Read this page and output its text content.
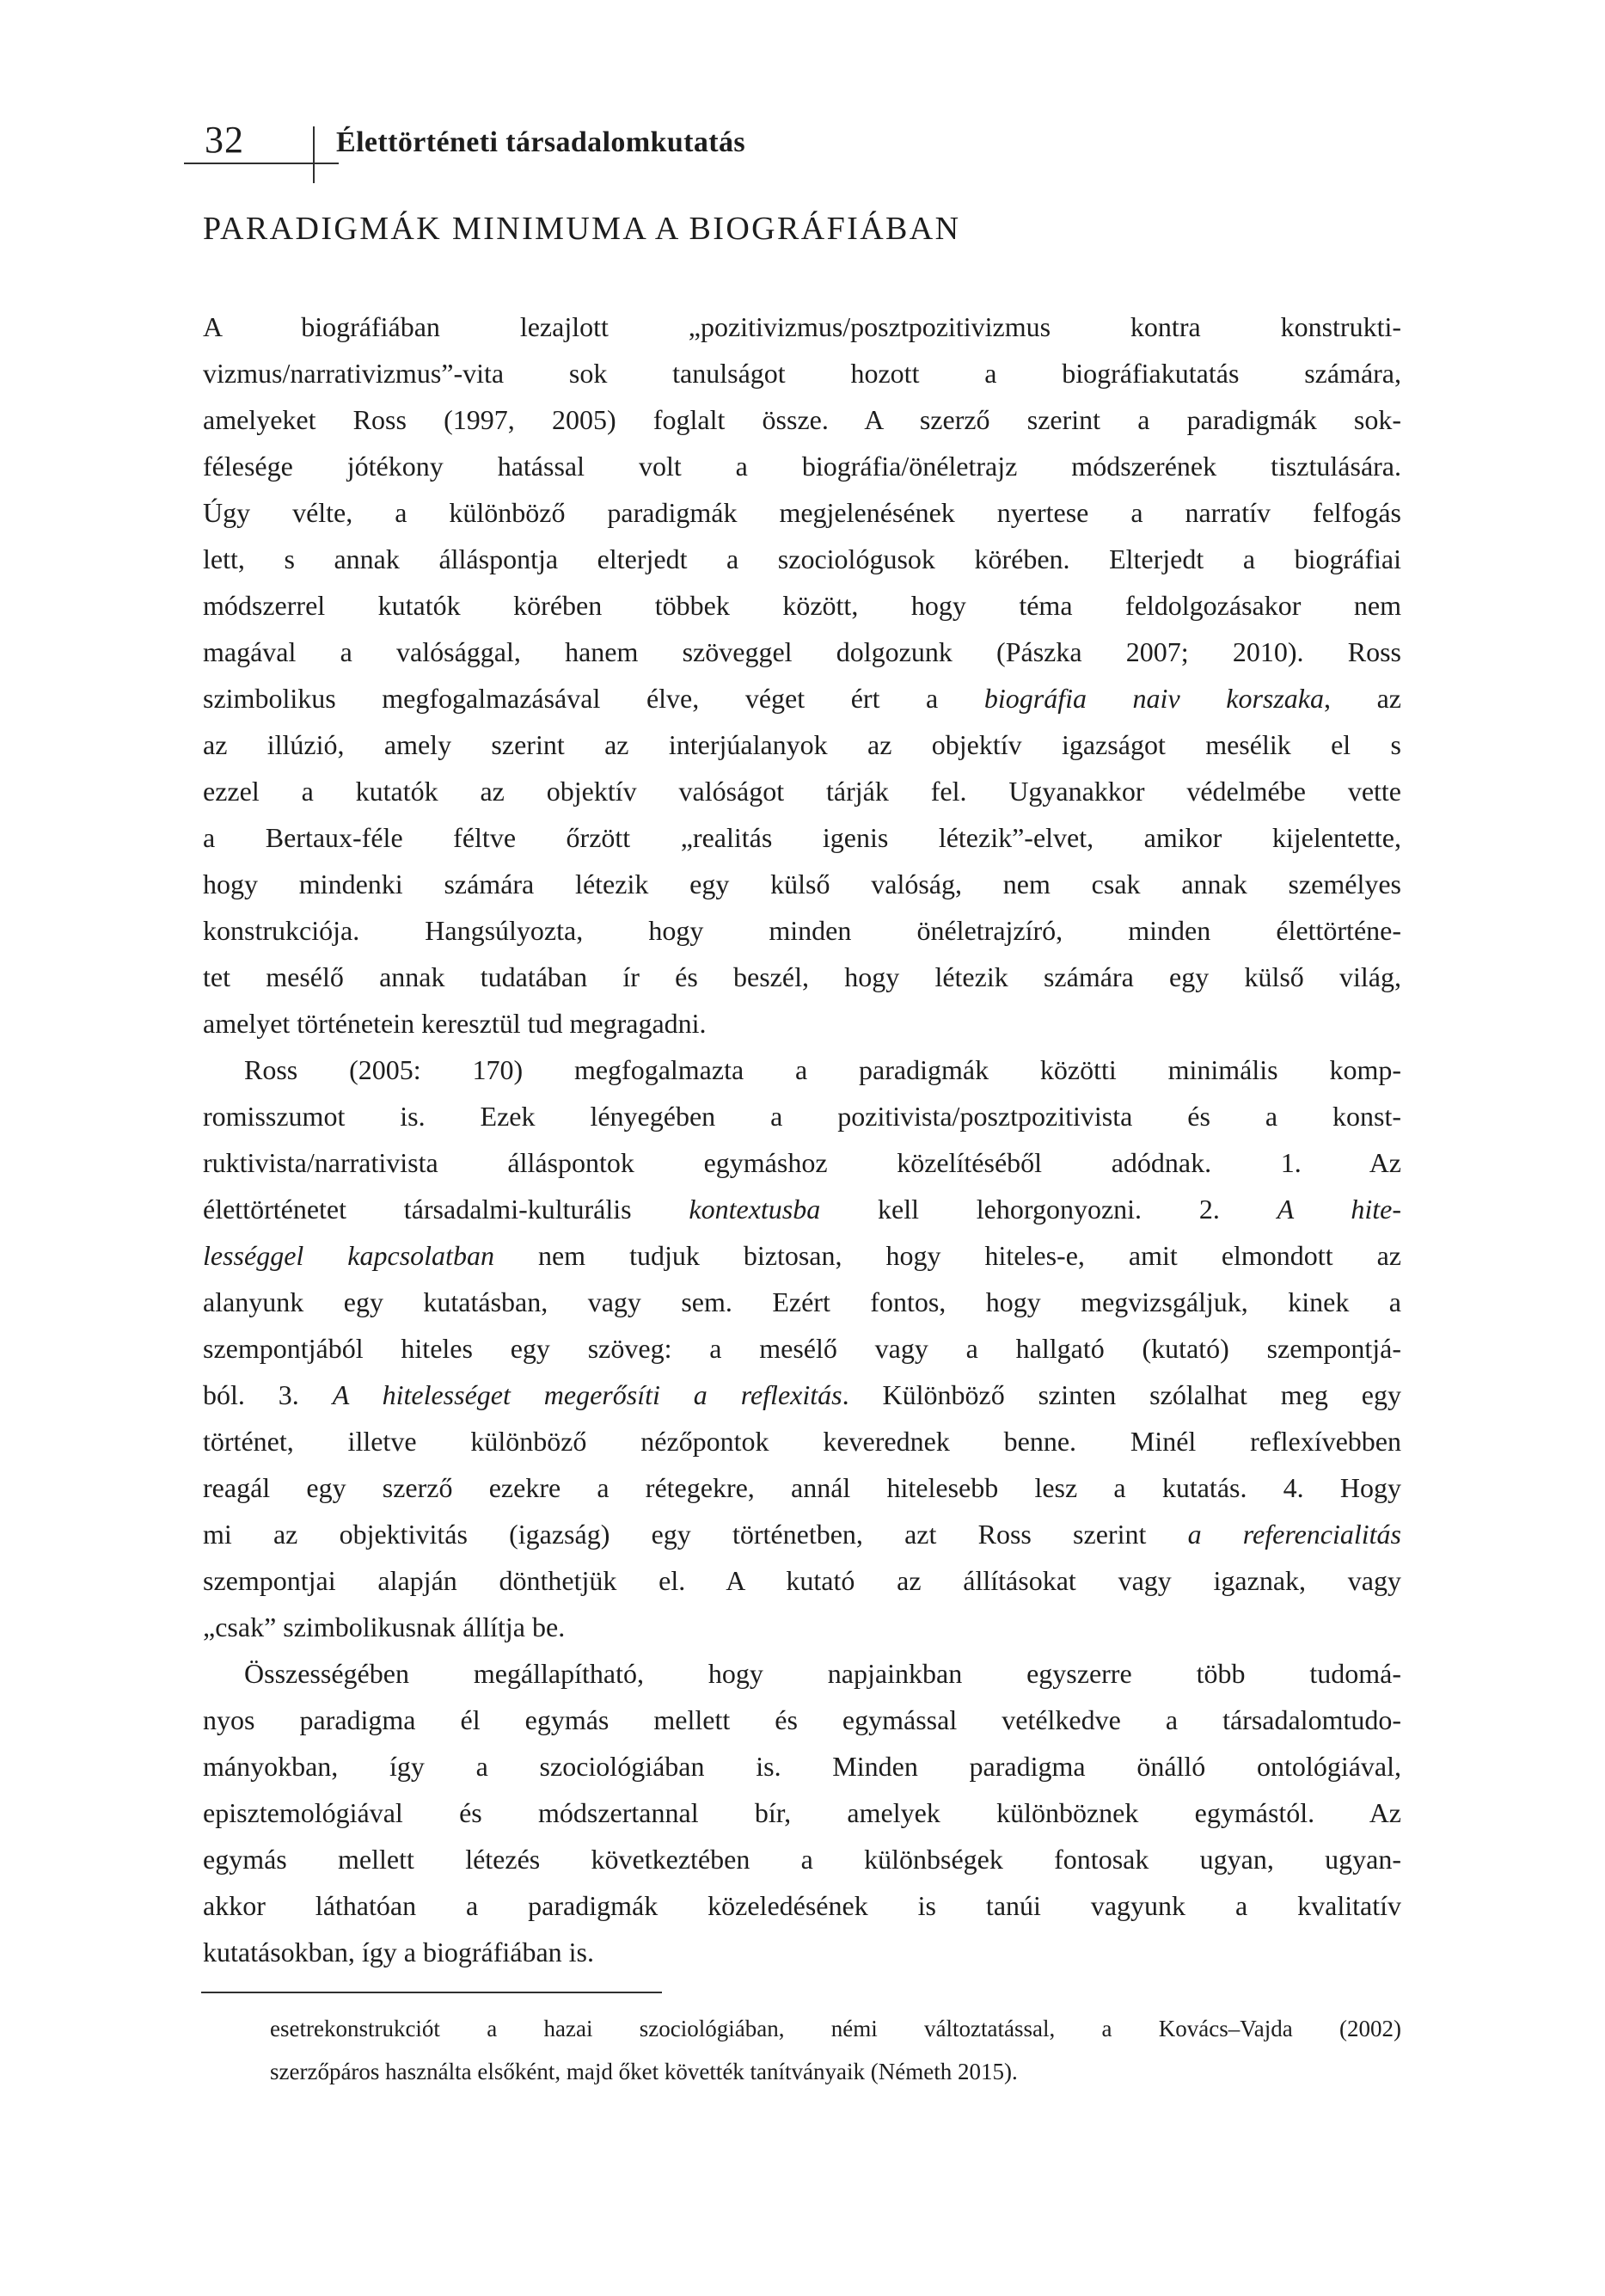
32	Élettörténeti társadalomkutatás
PARADIGMÁK MINIMUMA A BIOGRÁFIÁBAN
A biográfiában lezajlott „pozitivizmus/posztpozitivizmus kontra konstrukti-
vizmus/narrativizmus”-vita sok tanulságot hozott a biográfiakutatás számára,
amelyeket Ross (1997, 2005) foglalt össze. A szerző szerint a paradigmák sok-
félesége jótékony hatással volt a biográfia/önéletrajz módszerének tisztulására.
Úgy vélte, a különböző paradigmák megjelenésének nyertese a narratív felfogás
lett, s annak álláspontja elterjedt a szociológusok körében. Elterjedt a biográfiai
módszerrel kutatók körében többek között, hogy téma feldolgozásakor nem
magával a valósággal, hanem szöveggel dolgozunk (Pászka 2007; 2010). Ross
szimbolikus megfogalmazásával élve, véget ért a biográfia naiv korszaka, az
az illúzió, amely szerint az interjúalanyok az objektív igazságot mesélik el s
ezzel a kutatók az objektív valóságot tárják fel. Ugyanakkor védelmébe vette
a Bertaux-féle féltve őrzött „realitás igenis létezik”-elvet, amikor kijelentette,
hogy mindenki számára létezik egy külső valóság, nem csak annak személyes
konstrukciója. Hangsúlyozta, hogy minden önéletrajzíró, minden élettörténe-
tet mesélő annak tudatában ír és beszél, hogy létezik számára egy külső világ,
amelyet történetein keresztül tud megragadni.
Ross (2005: 170) megfogalmazta a paradigmák közötti minimális komp-
romisszumot is. Ezek lényegében a pozitivista/posztpozitivista és a konst-
ruktivista/narrativista álláspontok egymáshoz közelítéséből adódnak. 1. Az
élettörténetet társadalmi-kulturális kontextusba kell lehorgonyozni. 2. A hite-
lességgel kapcsolatban nem tudjuk biztosan, hogy hiteles-e, amit elmondott az
alanyunk egy kutatásban, vagy sem. Ezért fontos, hogy megvizsgáljuk, kinek a
szempontjából hiteles egy szöveg: a mesélő vagy a hallgató (kutató) szempontjá-
ból. 3. A hitelességet megerősíti a reflexitás. Különböző szinten szólalhat meg egy
történet, illetve különböző nézőpontok keverednek benne. Minél reflexívebben
reagál egy szerző ezekre a rétegekre, annál hitelesebb lesz a kutatás. 4. Hogy
mi az objektivitás (igazság) egy történetben, azt Ross szerint a referencialitás
szempontjai alapján dönthetjük el. A kutató az állításokat vagy igaznak, vagy
„csak” szimbolikusnak állítja be.
Összességében megállapítható, hogy napjainkban egyszerre több tudomá-
nyos paradigma él egymás mellett és egymással vetélkedve a társadalomtudo-
mányokban, így a szociológiában is. Minden paradigma önálló ontológiával,
episztemológiával és módszertannal bír, amelyek különböznek egymástól. Az
egymás mellett létezés következtében a különbségek fontosak ugyan, ugyan-
akkor láthatóan a paradigmák közeledésének is tanúi vagyunk a kvalitatív
kutatásokban, így a biográfiában is.
esetrekonstrukciót a hazai szociológiában, némi változtatással, a Kovács–Vajda (2002)
szerzőpáros használta elsőként, majd őket követték tanítványaik (Németh 2015).
